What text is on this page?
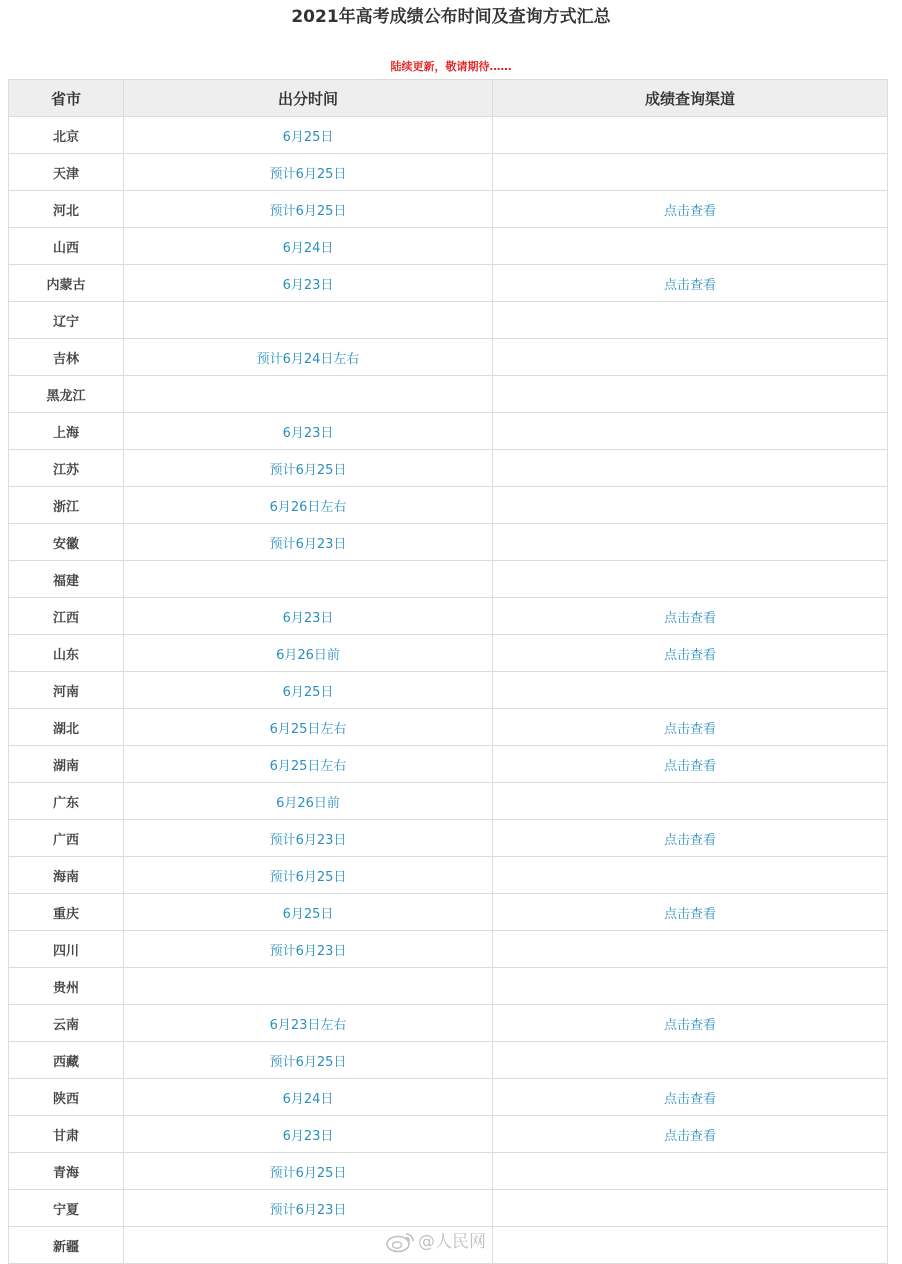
2021年高考成绩公布时间及查询方式汇总
陆续更新，敬请期待……
省市	出分时间	成绩查询渠道
北京	6月25日	
天津	预计6月25日	
河北	预计6月25日	点击查看
山西	6月24日	
内蒙古	6月23日	点击查看
辽宁		
吉林	预计6月24日左右	
黑龙江		
上海	6月23日	
江苏	预计6月25日	
浙江	6月26日左右	
安徽	预计6月23日	
福建		
江西	6月23日	点击查看
山东	6月26日前	点击查看
河南	6月25日	
湖北	6月25日左右	点击查看
湖南	6月25日左右	点击查看
广东	6月26日前	
广西	预计6月23日	点击查看
海南	预计6月25日	
重庆	6月25日	点击查看
四川	预计6月23日	
贵州		
云南	6月23日左右	点击查看
西藏	预计6月25日	
陕西	6月24日	点击查看
甘肃	6月23日	点击查看
青海	预计6月25日	
宁夏	预计6月23日	
新疆			@人民网
